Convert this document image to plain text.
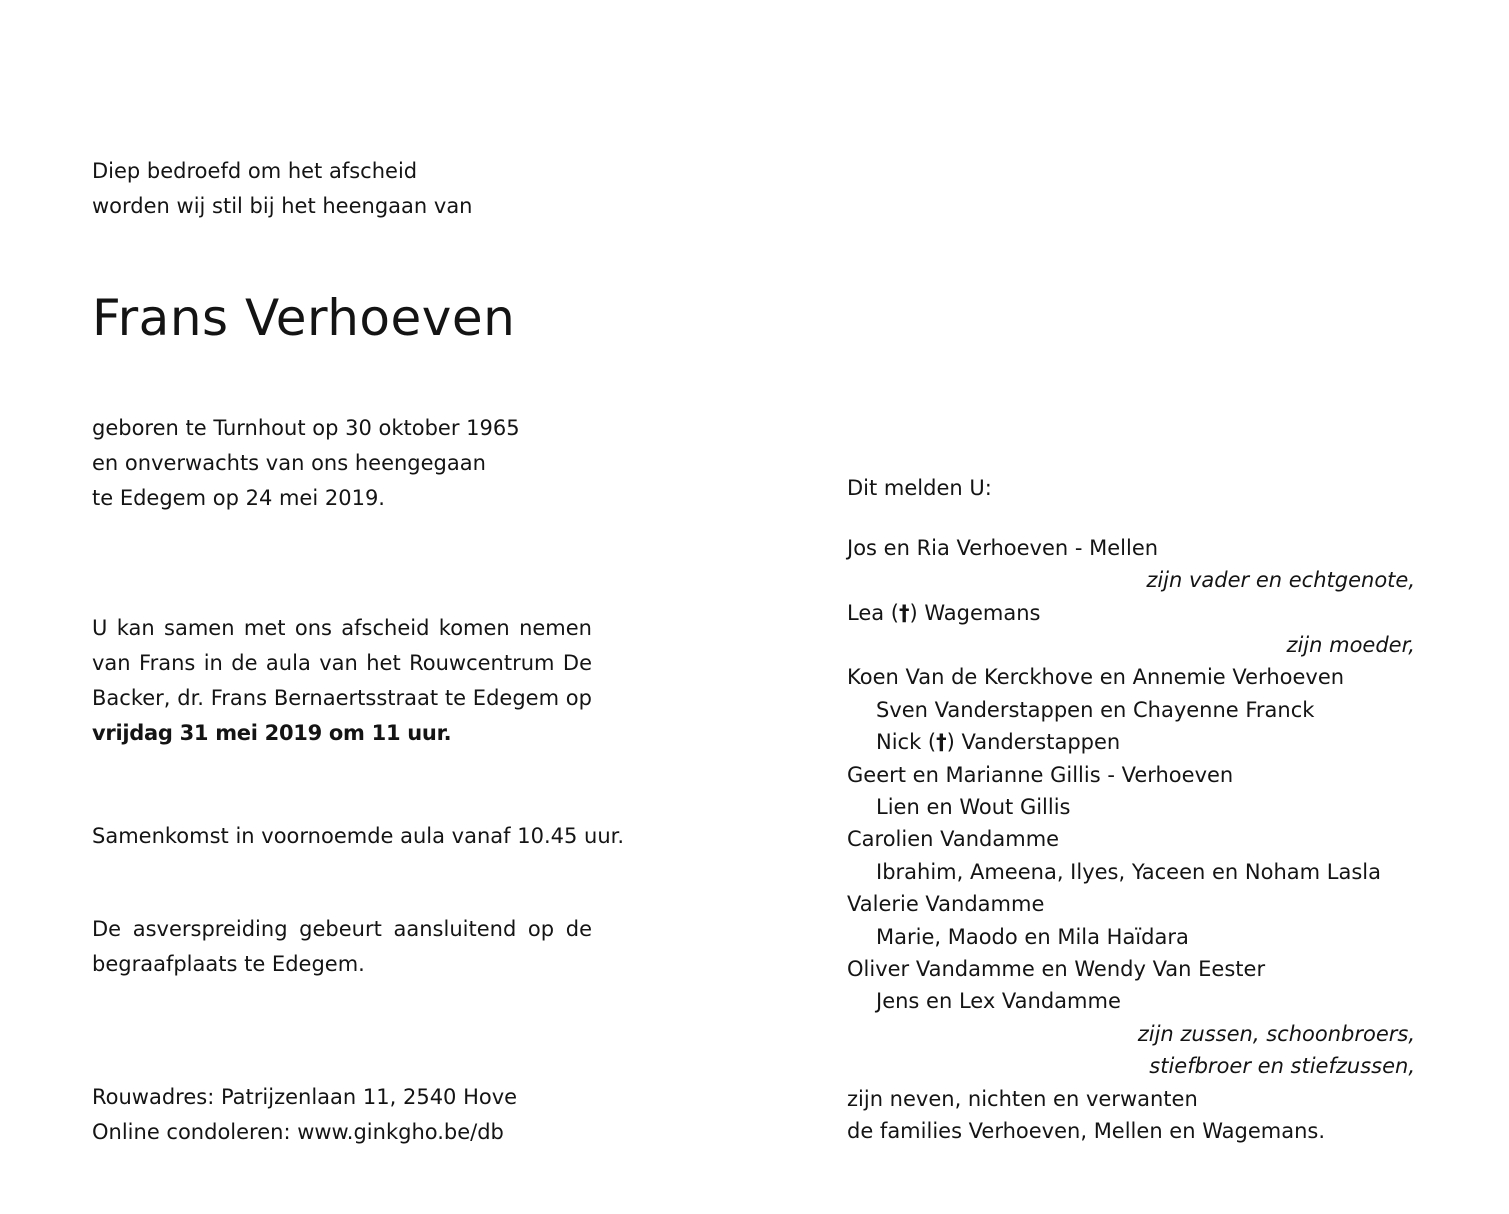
Diep bedroefd om het afscheid
worden wij stil bij het heengaan van
Frans Verhoeven
geboren te Turnhout op 30 oktober 1965
en onverwachts van ons heengegaan
te Edegem op 24 mei 2019.

U kan samen met ons afscheid komen nemen

van Frans in de aula van het Rouwcentrum De

Backer, dr. Frans Bernaertsstraat te Edegem op

vrijdag 31 mei 2019 om 11 uur.

Samenkomst in voornoemde aula vanaf 10.45 uur.

De asverspreiding gebeurt aansluitend op de

begraafplaats te Edegem.

Rouwadres: Patrijzenlaan 11, 2540 Hove
Online condoleren: www.ginkgho.be/db
Dit melden U:
Jos en Ria Verhoeven - Mellen
zijn vader en echtgenote,
Lea (†) Wagemans
zijn moeder,
Koen Van de Kerckhove en Annemie Verhoeven
Sven Vanderstappen en Chayenne Franck
Nick (†) Vanderstappen
Geert en Marianne Gillis - Verhoeven
Lien en Wout Gillis
Carolien Vandamme
Ibrahim, Ameena, Ilyes, Yaceen en Noham Lasla
Valerie Vandamme
Marie, Maodo en Mila Haïdara
Oliver Vandamme en Wendy Van Eester
Jens en Lex Vandamme
zijn zussen, schoonbroers,
stiefbroer en stiefzussen,
zijn neven, nichten en verwanten
de families Verhoeven, Mellen en Wagemans.
